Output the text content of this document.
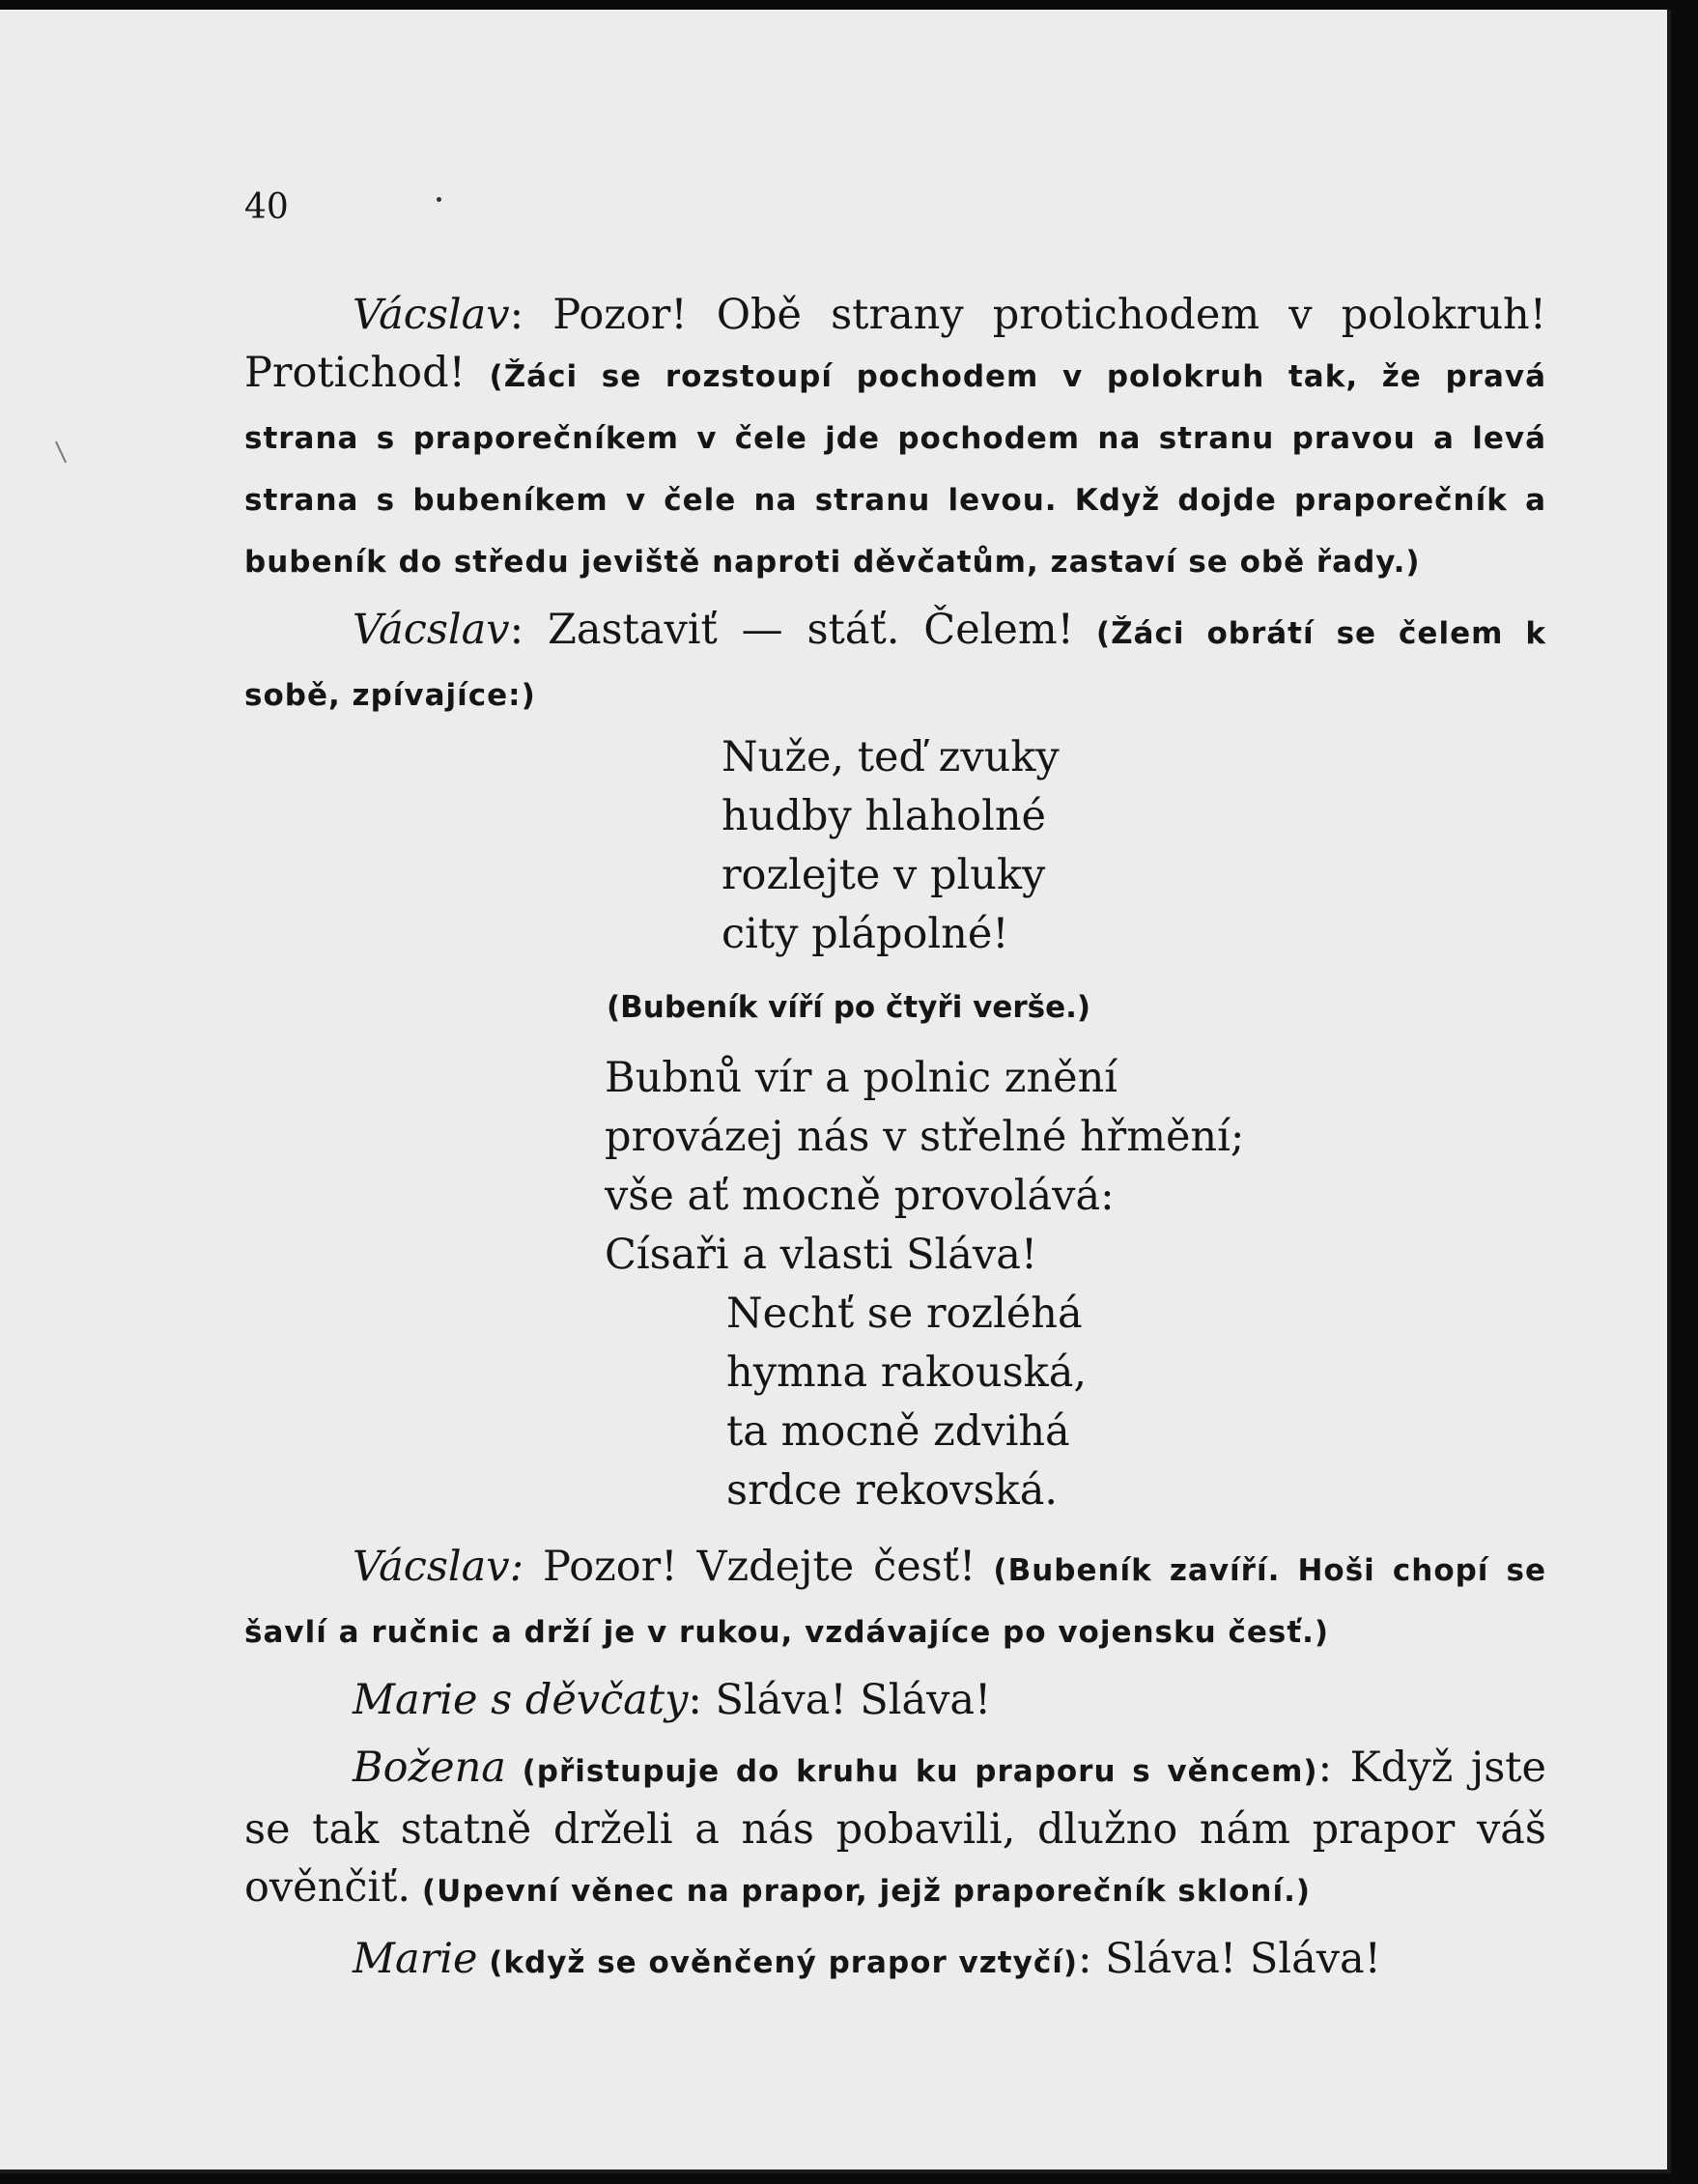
40

Vácslav: Pozor! Obě strany protichodem v polokruh! Protichod! (Žáci se rozstoupí pochodem v polokruh tak, že pravá strana s praporečníkem v čele jde pochodem na stranu pravou a levá strana s bubeníkem v čele na stranu levou. Když dojde praporečník a bubeník do středu jeviště naproti děvčatům, zastaví se obě řady.)

Vácslav: Zastaviť — stáť. Čelem! (Žáci obrátí se čelem k sobě, zpívajíce:)

Nuže, teď zvuky
hudby hlaholné
rozlejte v pluky
city plápolné!
(Bubeník víří po čtyři verše.)
Bubnů vír a polnic znění
provázej nás v střelné hřmění;
vše ať mocně provolává:
Císaři a vlasti Sláva!
Nechť se rozléhá
hymna rakouská,
ta mocně zdvihá
srdce rekovská.

Vácslav: Pozor! Vzdejte česť! (Bubeník zavíří. Hoši chopí se šavlí a ručnic a drží je v rukou, vzdávajíce po vojensku česť.)

Marie s děvčaty: Sláva! Sláva!

Božena (přistupuje do kruhu ku praporu s věncem): Když jste se tak statně drželi a nás pobavili, dlužno nám prapor váš ověnčiť. (Upevní věnec na prapor, jejž praporečník skloní.)

Marie (když se ověnčený prapor vztyčí): Sláva! Sláva!
